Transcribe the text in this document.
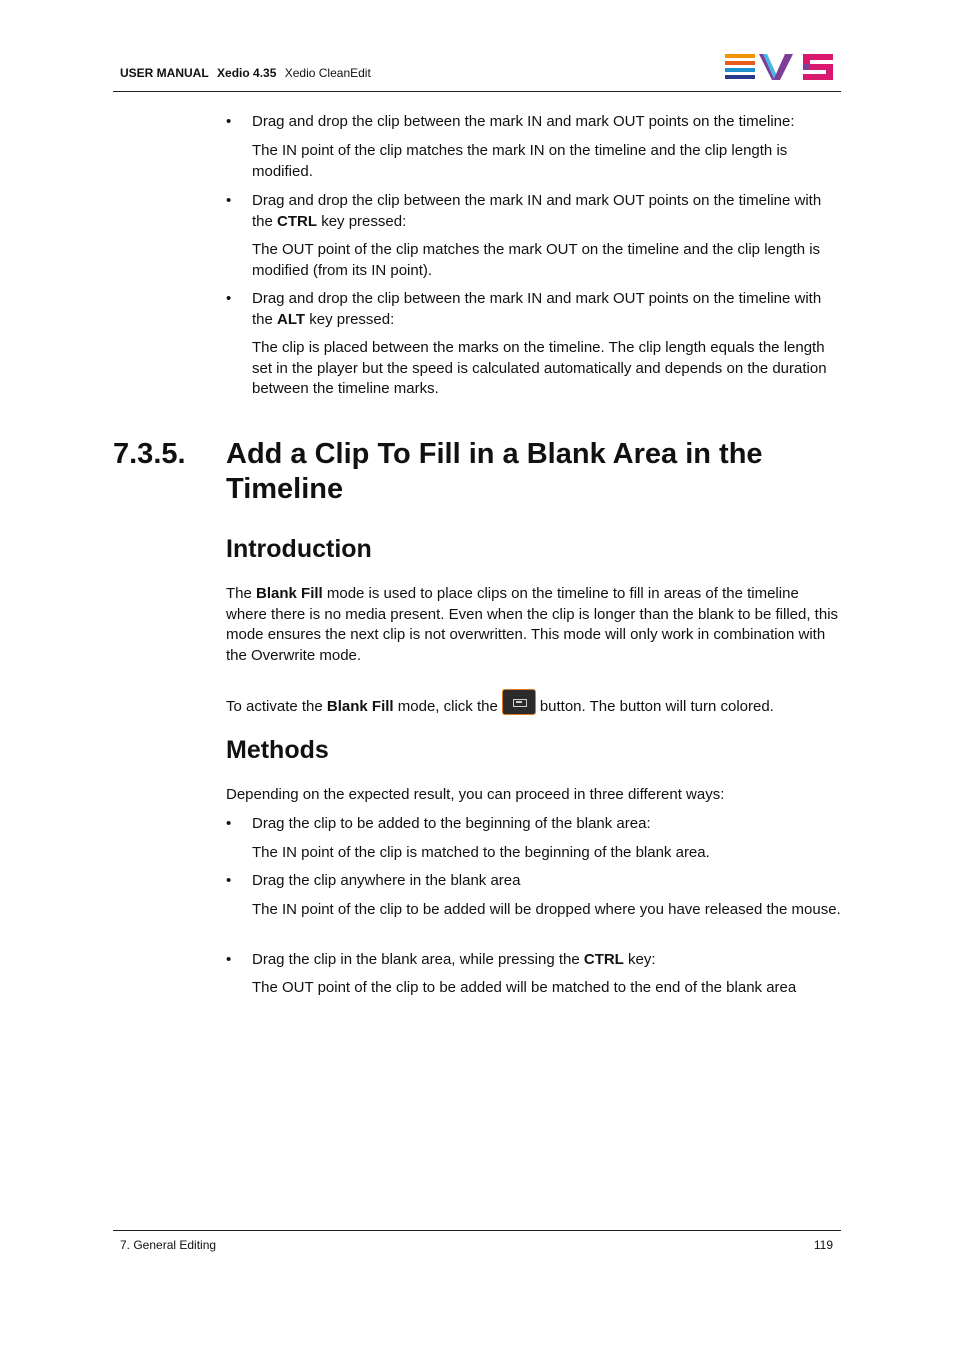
USER MANUAL Xedio 4.35 Xedio CleanEdit
•	Drag and drop the clip between the mark IN and mark OUT points on the timeline:
The IN point of the clip matches the mark IN on the timeline and the clip length is modified.
•	Drag and drop the clip between the mark IN and mark OUT points on the timeline with the CTRL key pressed:
The OUT point of the clip matches the mark OUT on the timeline and the clip length is modified (from its IN point).
•	Drag and drop the clip between the mark IN and mark OUT points on the timeline with the ALT key pressed:
The clip is placed between the marks on the timeline. The clip length equals the length set in the player but the speed is calculated automatically and depends on the duration between the timeline marks.
7.3.5. Add a Clip To Fill in a Blank Area in the Timeline
Introduction
The Blank Fill mode is used to place clips on the timeline to fill in areas of the timeline where there is no media present. Even when the clip is longer than the blank to be filled, this mode ensures the next clip is not overwritten. This mode will only work in combination with the Overwrite mode.
To activate the Blank Fill mode, click the	button. The button will turn colored.
Methods
Depending on the expected result, you can proceed in three different ways:
•	Drag the clip to be added to the beginning of the blank area:
The IN point of the clip is matched to the beginning of the blank area.
•	Drag the clip anywhere in the blank area
The IN point of the clip to be added will be dropped where you have released the mouse.
•	Drag the clip in the blank area, while pressing the CTRL key:
The OUT point of the clip to be added will be matched to the end of the blank area
7. General Editing	119
